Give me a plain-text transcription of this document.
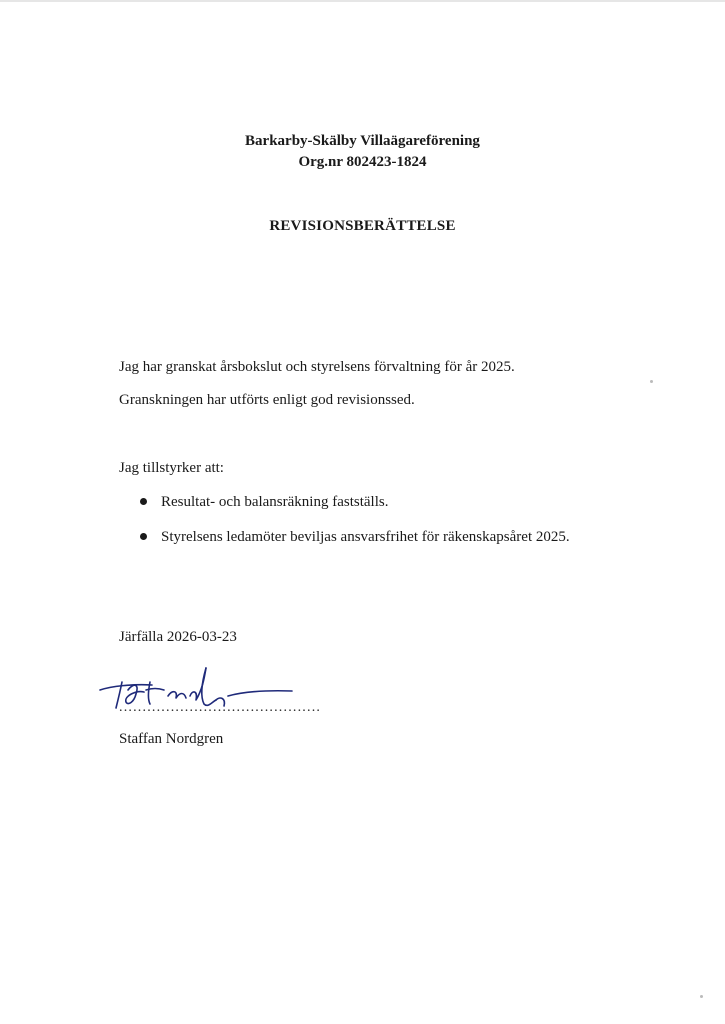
Barkarby-Skälby Villaägareförening
Org.nr 802423-1824
REVISIONSBERÄTTELSE
Jag har granskat årsbokslut och styrelsens förvaltning för år 2025.
Granskningen har utförts enligt god revisionssed.
Jag tillstyrker att:
Resultat- och balansräkning fastställs.
Styrelsens ledamöter beviljas ansvarsfrihet för räkenskapsåret 2025.
Järfälla 2026-03-23
...........................................
Staffan Nordgren
